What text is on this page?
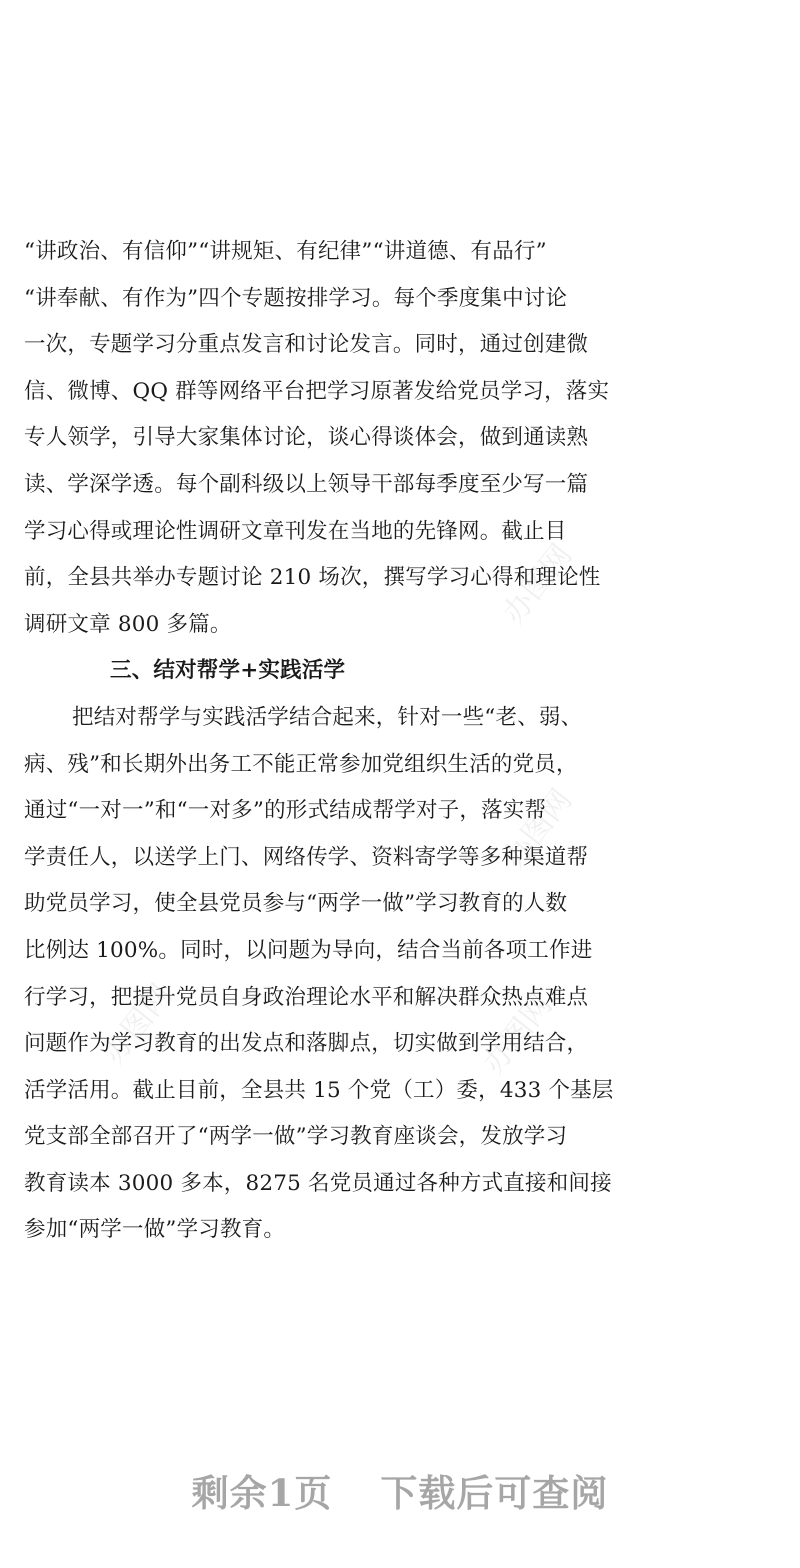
办图网
办图网
办图网
办图网
“讲政治、有信仰”“讲规矩、有纪律”“讲道德、有品行”
“讲奉献、有作为”四个专题按排学习。每个季度集中讨论
一次，专题学习分重点发言和讨论发言。同时，通过创建微
信、微博、QQ 群等网络平台把学习原著发给党员学习，落实
专人领学，引导大家集体讨论，谈心得谈体会，做到通读熟
读、学深学透。每个副科级以上领导干部每季度至少写一篇
学习心得或理论性调研文章刊发在当地的先锋网。截止目
前，全县共举办专题讨论 210 场次，撰写学习心得和理论性
调研文章 800 多篇。
三、结对帮学+实践活学
把结对帮学与实践活学结合起来，针对一些“老、弱、
病、残”和长期外出务工不能正常参加党组织生活的党员，
通过“一对一”和“一对多”的形式结成帮学对子，落实帮
学责任人，以送学上门、网络传学、资料寄学等多种渠道帮
助党员学习，使全县党员参与“两学一做”学习教育的人数
比例达 100%。同时，以问题为导向，结合当前各项工作进
行学习，把提升党员自身政治理论水平和解决群众热点难点
问题作为学习教育的出发点和落脚点，切实做到学用结合，
活学活用。截止目前，全县共 15 个党（工）委，433 个基层
党支部全部召开了“两学一做”学习教育座谈会，发放学习
教育读本 3000 多本，8275 名党员通过各种方式直接和间接
参加“两学一做”学习教育。
剩余1页 下载后可查阅
